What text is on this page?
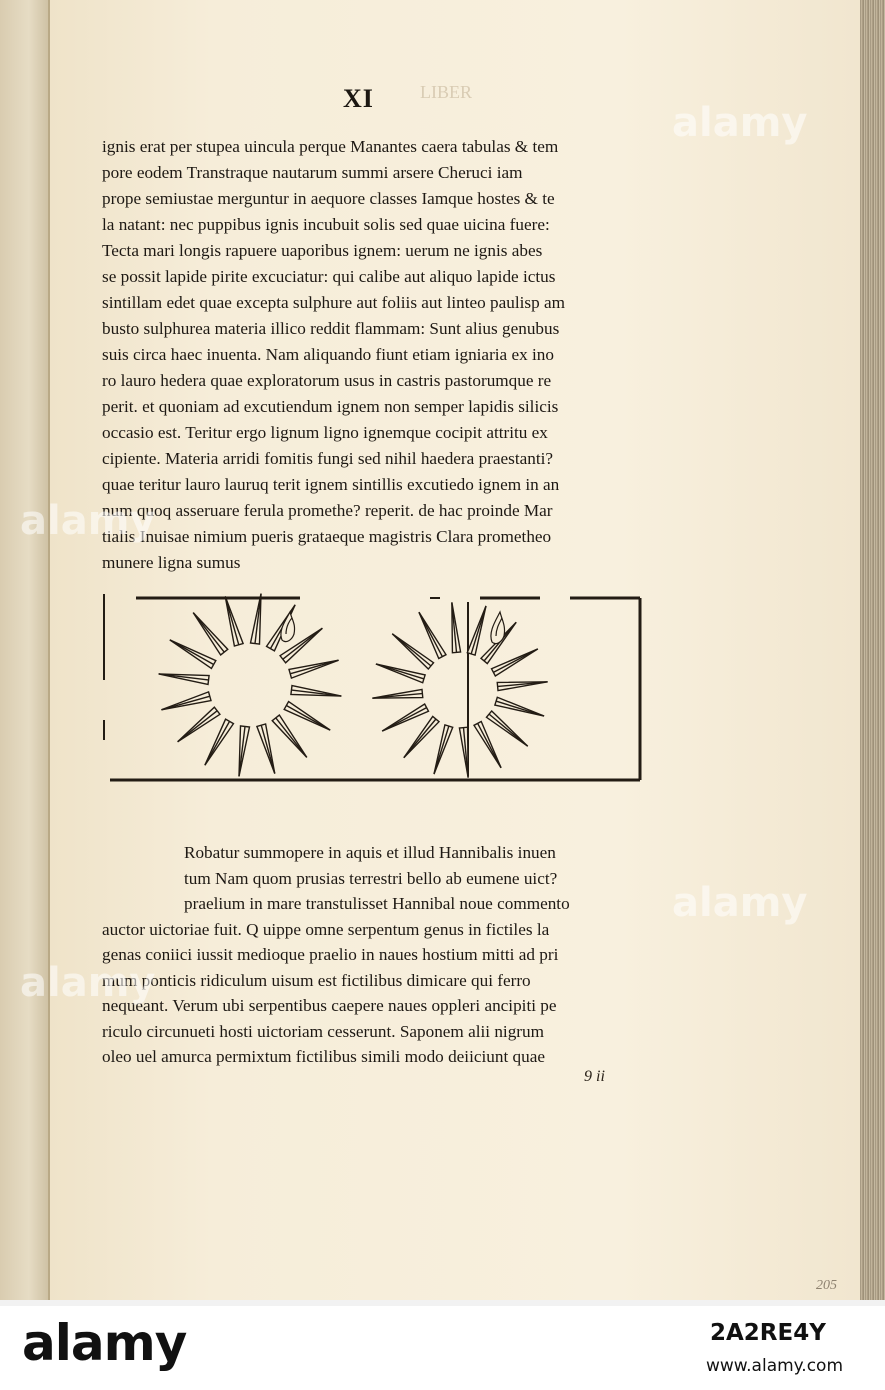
LIBER
XI
ignis erat per stupea uincula perque Manantes caera tabulas & tem
pore eodem Transtraque nautarum summi arsere Cheruci iam
prope semiustae merguntur in aequore classes Iamque hostes & te
la natant: nec puppibus ignis incubuit solis sed quae uicina fuere:
Tecta mari longis rapuere uaporibus ignem: uerum ne ignis abes
se possit lapide pirite excuciatur: qui calibe aut aliquo lapide ictus
sintillam edet quae excepta sulphure aut foliis aut linteo paulisp am
busto sulphurea materia illico reddit flammam: Sunt alius genubus
suis circa haec inuenta. Nam aliquando fiunt etiam igniaria ex ino
ro lauro hedera quae exploratorum usus in castris pastorumque re
perit. et quoniam ad excutiendum ignem non semper lapidis silicis
occasio est. Teritur ergo lignum ligno ignemque cocipit attritu ex
cipiente. Materia arridi fomitis fungi sed nihil haedera praestanti?
quae teritur lauro lauruq terit ignem sintillis excutiedo ignem in an
num quoq asseruare ferula promethe? reperit. de hac proinde Mar
tialis Inuisae nimium pueris grataeque magistris Clara prometheo
munere ligna sumus
Robatur summopere in aquis et illud Hannibalis inuen
tum Nam quom prusias terrestri bello ab eumene uict?
praelium in mare transtulisset Hannibal noue commento
auctor uictoriae fuit. Q uippe omne serpentum genus in fictiles la
genas coniici iussit medioque praelio in naues hostium mitti ad pri
mum ponticis ridiculum uisum est fictilibus dimicare qui ferro
nequeant. Verum ubi serpentibus caepere naues oppleri ancipiti pe
riculo circunueti hosti uictoriam cesserunt. Saponem alii nigrum
oleo uel amurca permixtum fictilibus simili modo deiiciunt quae
9 ii
205
alamy
alamy
alamy
alamy
alamy	2A2RE4Y
www.alamy.com
